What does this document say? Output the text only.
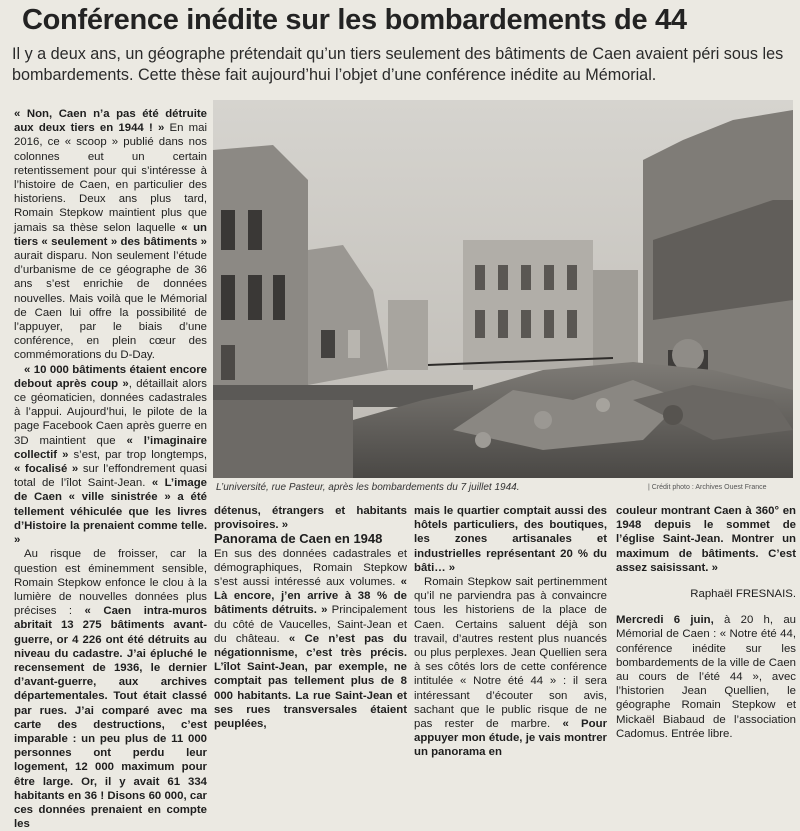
Conférence inédite sur les bombardements de 44

Il y a deux ans, un géographe prétendait qu’un tiers seulement des bâtiments de Caen avaient péri sous les bombardements. Cette thèse fait aujourd’hui l’objet d’une conférence inédite au Mémorial.

« Non, Caen n’a pas été détruite aux deux tiers en 1944 ! » En mai 2016, ce « scoop » publié dans nos colonnes eut un certain retentissement pour qui s’intéresse à l’histoire de Caen, en particulier des historiens. Deux ans plus tard, Romain Stepkow maintient plus que jamais sa thèse selon laquelle « un tiers « seulement » des bâtiments » aurait disparu. Non seulement l’étude d’urbanisme de ce géographe de 36 ans s’est enrichie de données nouvelles. Mais voilà que le Mémorial de Caen lui offre la possibilité de l’appuyer, par le biais d’une conférence, en plein cœur des commémorations du D-Day.

« 10 000 bâtiments étaient encore debout après coup », détaillait alors ce géomaticien, données cadastrales à l’appui. Aujourd’hui, le pilote de la page Facebook Caen après guerre en 3D maintient que « l’imaginaire collectif » s’est, par trop longtemps, « focalisé » sur l’effondrement quasi total de l’îlot Saint-Jean. « L’image de Caen « ville sinistrée » a été tellement véhiculée que les livres d’Histoire la prenaient comme telle. »

Au risque de froisser, car la question est éminemment sensible, Romain Stepkow enfonce le clou à la lumière de nouvelles données plus précises : « Caen intra-muros abritait 13 275 bâtiments avant-guerre, or 4 226 ont été détruits au niveau du cadastre. J’ai épluché le recensement de 1936, le dernier d’avant-guerre, aux archives départementales. Tout était classé par rues. J’ai comparé avec ma carte des destructions, c’est imparable : un peu plus de 11 000 personnes ont perdu leur logement, 12 000 maximum pour être large. Or, il y avait 61 334 habitants en 36 ! Disons 60 000, car ces données prenaient en compte les

L’université, rue Pasteur, après les bombardements du 7 juillet 1944.	| Crédit photo : Archives Ouest France

détenus, étrangers et habitants provisoires. »

Panorama de Caen en 1948

En sus des données cadastrales et démographiques, Romain Stepkow s’est aussi intéressé aux volumes. « Là encore, j’en arrive à 38 % de bâtiments détruits. » Principalement du côté de Vaucelles, Saint-Jean et du château. « Ce n’est pas du négationnisme, c’est très précis. L’îlot Saint-Jean, par exemple, ne comptait pas tellement plus de 8 000 habitants. La rue Saint-Jean et ses rues transversales étaient peuplées,

mais le quartier comptait aussi des hôtels particuliers, des boutiques, les zones artisanales et industrielles représentant 20 % du bâti… »

Romain Stepkow sait pertinemment qu’il ne parviendra pas à convaincre tous les historiens de la place de Caen. Certains saluent déjà son travail, d’autres restent plus nuancés ou plus perplexes. Jean Quellien sera à ses côtés lors de cette conférence intitulée « Notre été 44 » : il sera intéressant d’écouter son avis, sachant que le public risque de ne pas rester de marbre. « Pour appuyer mon étude, je vais montrer un panorama en

couleur montrant Caen à 360° en 1948 depuis le sommet de l’église Saint-Jean. Montrer un maximum de bâtiments. C’est assez saisissant. »

Raphaël FRESNAIS.

Mercredi 6 juin, à 20 h, au Mémorial de Caen : « Notre été 44, conférence inédite sur les bombardements de la ville de Caen au cours de l’été 44 », avec l’historien Jean Quellien, le géographe Romain Stepkow et Mickaël Biabaud de l’association Cadomus. Entrée libre.
